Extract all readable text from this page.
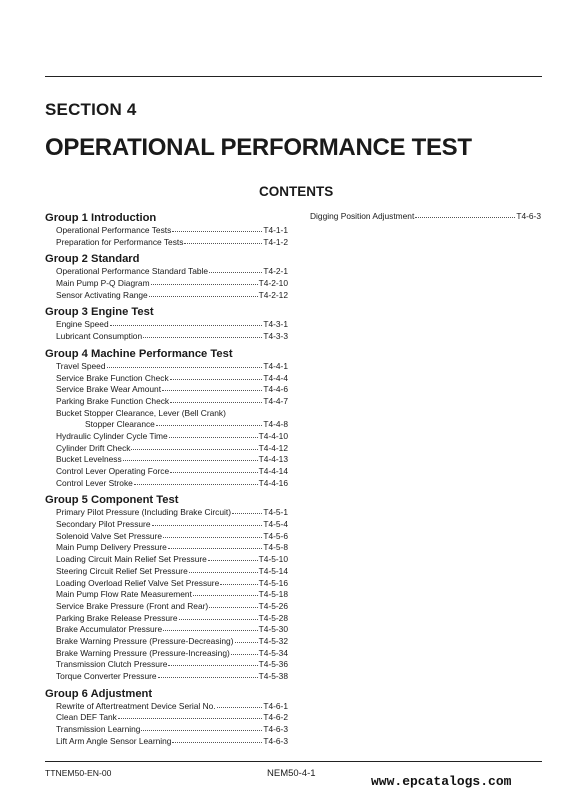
SECTION 4
OPERATIONAL PERFORMANCE TEST
CONTENTS
Group 1 Introduction
Operational Performance Tests	T4-1-1
Preparation for Performance Tests	T4-1-2
Group 2 Standard
Operational Performance Standard Table	T4-2-1
Main Pump P-Q Diagram	T4-2-10
Sensor Activating Range	T4-2-12
Group 3 Engine Test
Engine Speed	T4-3-1
Lubricant Consumption	T4-3-3
Group 4 Machine Performance Test
Travel Speed	T4-4-1
Service Brake Function Check	T4-4-4
Service Brake Wear Amount	T4-4-6
Parking Brake Function Check	T4-4-7
Bucket Stopper Clearance, Lever (Bell Crank)
Stopper Clearance	T4-4-8
Hydraulic Cylinder Cycle Time	T4-4-10
Cylinder Drift Check	T4-4-12
Bucket Levelness	T4-4-13
Control Lever Operating Force	T4-4-14
Control Lever Stroke	T4-4-16
Group 5 Component Test
Primary Pilot Pressure (Including Brake Circuit)	T4-5-1
Secondary Pilot Pressure	T4-5-4
Solenoid Valve Set Pressure	T4-5-6
Main Pump Delivery Pressure	T4-5-8
Loading Circuit Main Relief Set Pressure	T4-5-10
Steering Circuit Relief Set Pressure	T4-5-14
Loading Overload Relief Valve Set Pressure	T4-5-16
Main Pump Flow Rate Measurement	T4-5-18
Service Brake Pressure (Front and Rear)	T4-5-26
Parking Brake Release Pressure	T4-5-28
Brake Accumulator Pressure	T4-5-30
Brake Warning Pressure (Pressure-Decreasing)	T4-5-32
Brake Warning Pressure (Pressure-Increasing)	T4-5-34
Transmission Clutch Pressure	T4-5-36
Torque Converter Pressure	T4-5-38
Group 6 Adjustment
Rewrite of Aftertreatment Device Serial No.	T4-6-1
Clean DEF Tank	T4-6-2
Transmission Learning	T4-6-3
Lift Arm Angle Sensor Learning	T4-6-3
Digging Position Adjustment	T4-6-3
TTNEM50-EN-00	NEM50-4-1
www.epcatalogs.com
